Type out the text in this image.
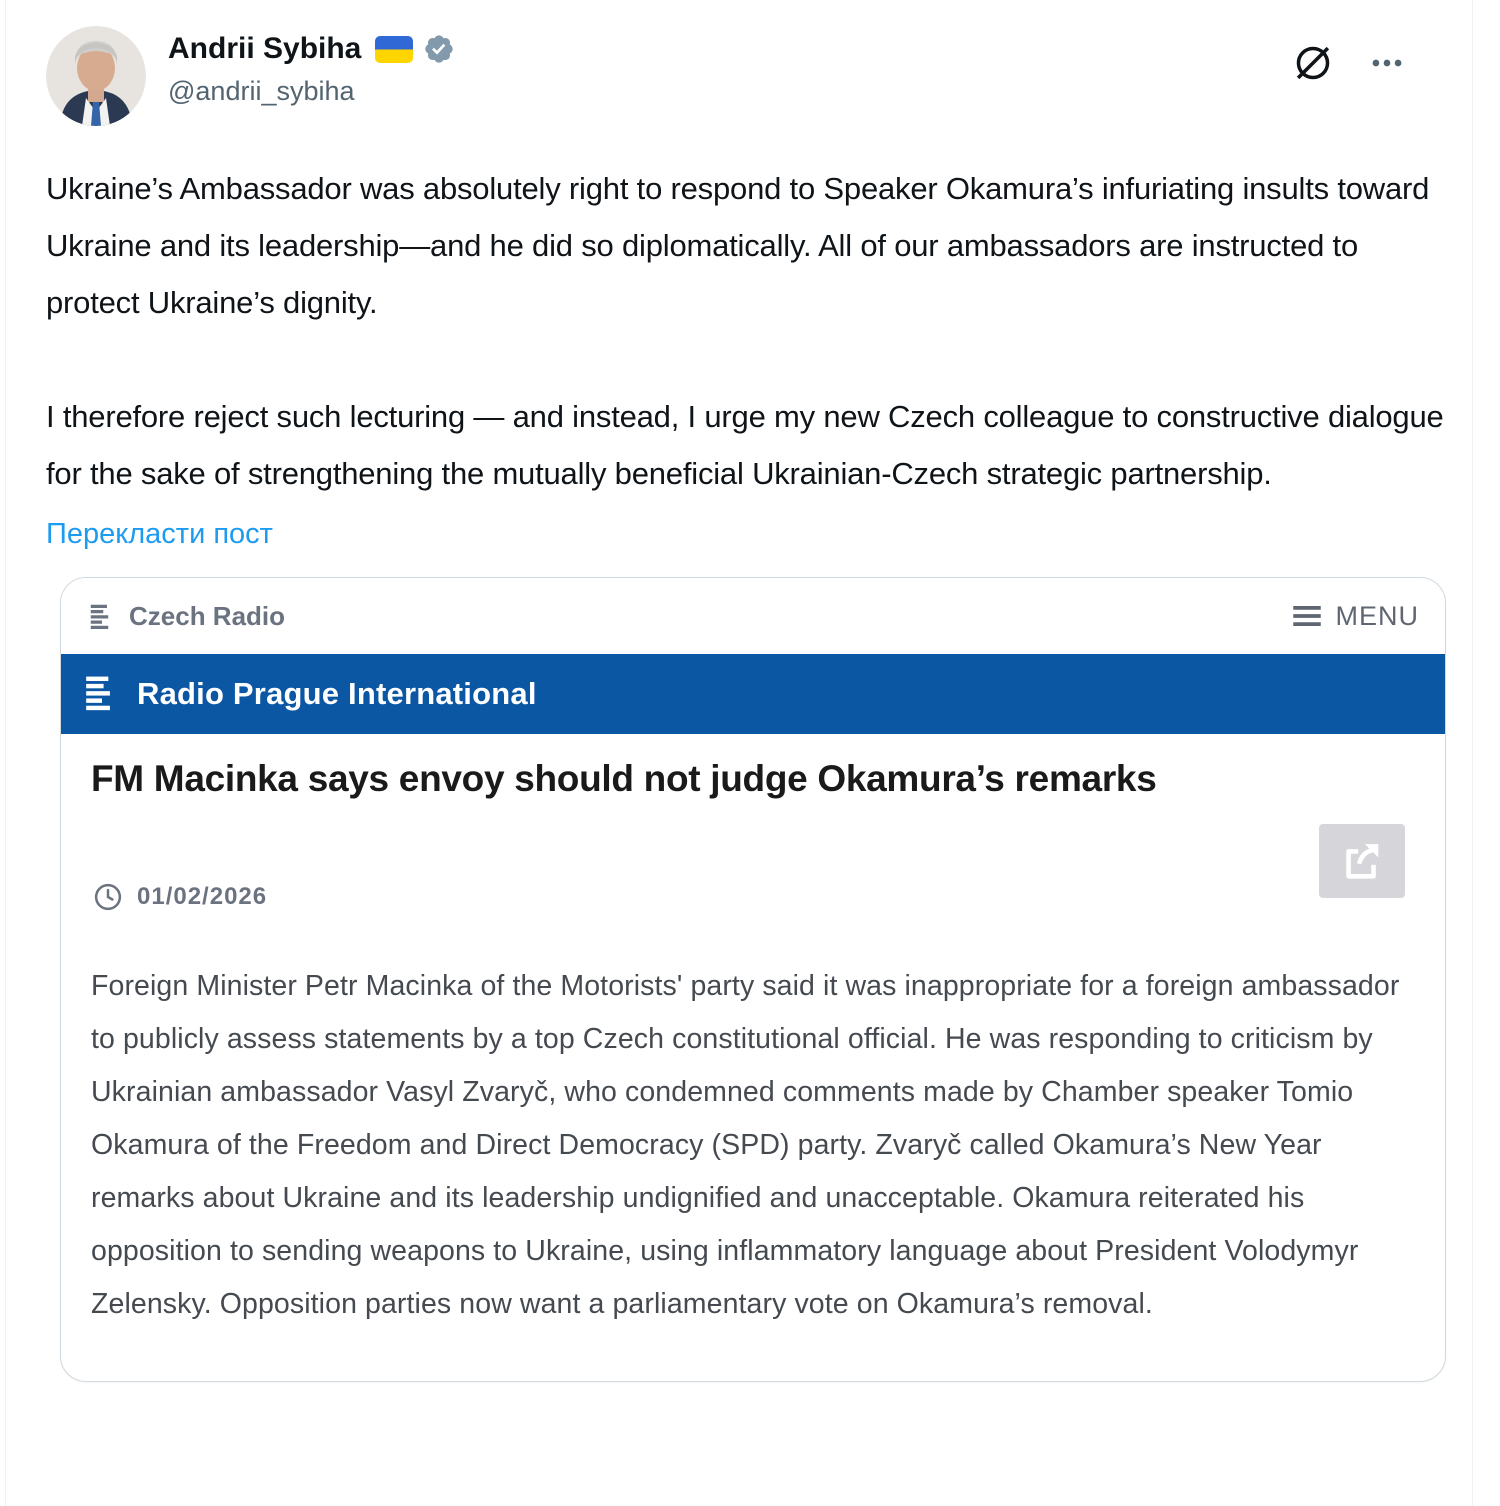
Andrii Sybiha
@andrii_sybiha

Ukraine’s Ambassador was absolutely right to respond to Speaker Okamura’s infuriating insults toward Ukraine and its leadership—and he did so diplomatically. All of our ambassadors are instructed to protect Ukraine’s dignity.

I therefore reject such lecturing — and instead, I urge my new Czech colleague to constructive dialogue for the sake of strengthening the mutually beneficial Ukrainian-Czech strategic partnership.

Перекласти пост
Czech Radio	MENU
Radio Prague International
FM Macinka says envoy should not judge Okamura’s remarks
01/02/2026

Foreign Minister Petr Macinka of the Motorists' party said it was inappropriate for a foreign ambassador to publicly assess statements by a top Czech constitutional official. He was responding to criticism by Ukrainian ambassador Vasyl Zvaryč, who condemned comments made by Chamber speaker Tomio Okamura of the Freedom and Direct Democracy (SPD) party. Zvaryč called Okamura’s New Year remarks about Ukraine and its leadership undignified and unacceptable. Okamura reiterated his opposition to sending weapons to Ukraine, using inflammatory language about President Volodymyr Zelensky. Opposition parties now want a parliamentary vote on Okamura’s removal.
